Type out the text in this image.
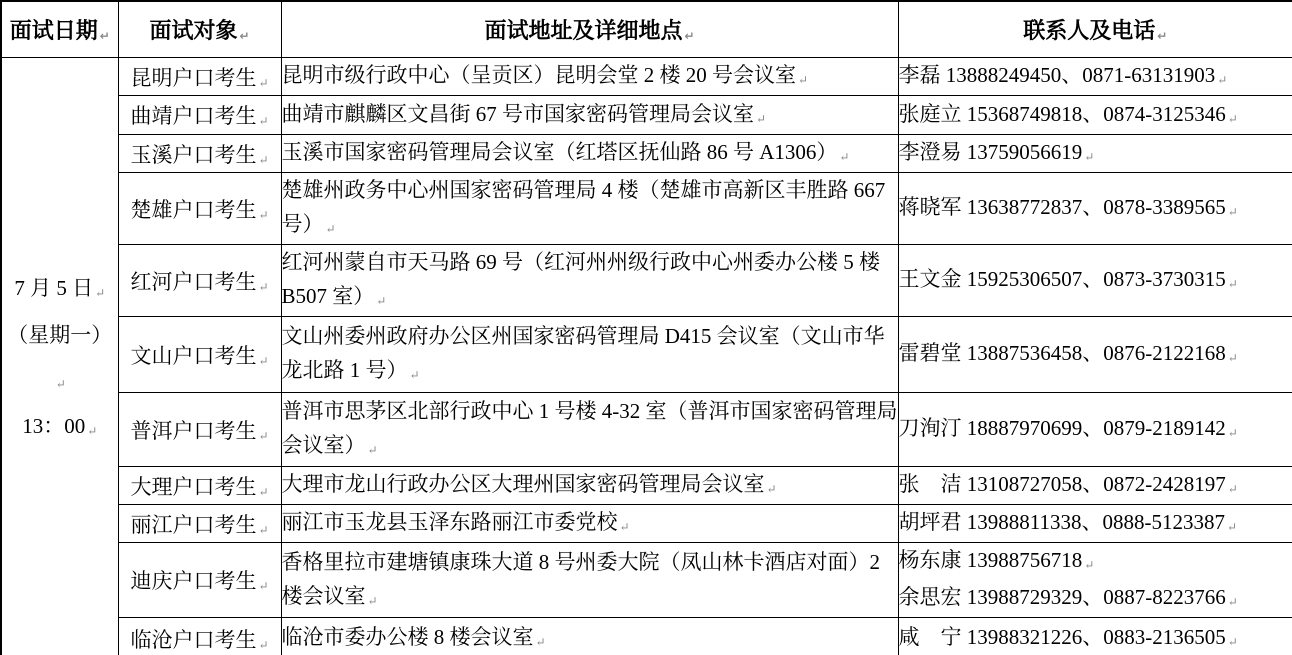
面试日期 ↵	面试对象 ↵	面试地址及详细地点 ↵	联系人及电话 ↵

7 月 5 日 ↵
（星期一） ↵
13：00 ↵	昆明户口考生 ↵	昆明市级行政中心（呈贡区）昆明会堂 2 楼 20 号会议室 ↵	李磊 13888249450、0871-63131903 ↵
	曲靖户口考生 ↵	曲靖市麒麟区文昌街 67 号市国家密码管理局会议室 ↵	张庭立 15368749818、0874-3125346 ↵
	玉溪户口考生 ↵	玉溪市国家密码管理局会议室（红塔区抚仙路 86 号 A1306） ↵	李澄易 13759056619 ↵
	楚雄户口考生 ↵	楚雄州政务中心州国家密码管理局 4 楼（楚雄市高新区丰胜路 667 号） ↵	蒋晓军 13638772837、0878-3389565 ↵
	红河户口考生 ↵	红河州蒙自市天马路 69 号（红河州州级行政中心州委办公楼 5 楼 B507 室） ↵	王文金 15925306507、0873-3730315 ↵
	文山户口考生 ↵	文山州委州政府办公区州国家密码管理局 D415 会议室（文山市华龙北路 1 号） ↵	雷碧堂 13887536458、0876-2122168 ↵
	普洱户口考生 ↵	普洱市思茅区北部行政中心 1 号楼 4-32 室（普洱市国家密码管理局会议室） ↵	刀洵汀 18887970699、0879-2189142 ↵
	大理户口考生 ↵	大理市龙山行政办公区大理州国家密码管理局会议室 ↵	张　洁 13108727058、0872-2428197 ↵
	丽江户口考生 ↵	丽江市玉龙县玉泽东路丽江市委党校 ↵	胡坪君 13988811338、0888-5123387 ↵
	迪庆户口考生 ↵	香格里拉市建塘镇康珠大道 8 号州委大院（凤山林卡酒店对面）2 楼会议室 ↵	杨东康 13988756718 ↵
余思宏 13988729329、0887-8223766 ↵

	临沧户口考生 ↵	临沧市委办公楼 8 楼会议室 ↵	咸　宁 13988321226、0883-2136505 ↵
